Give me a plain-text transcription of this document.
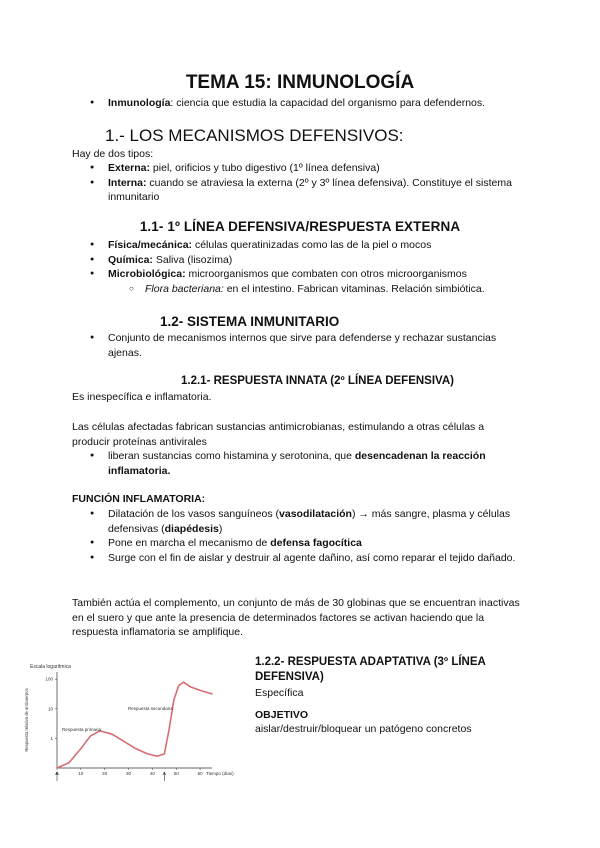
TEMA 15: INMUNOLOGÍA
● Inmunología: ciencia que estudia la capacidad del organismo para defendernos.
1.- LOS MECANISMOS DEFENSIVOS:
Hay de dos tipos:
● Externa: piel, orificios y tubo digestivo (1º línea defensiva)
● Interna: cuando se atraviesa la externa (2º y 3º línea defensiva). Constituye el sistema inmunitario
1.1- 1º LÍNEA DEFENSIVA/RESPUESTA EXTERNA
● Física/mecánica: células queratinizadas como las de la piel o mocos
● Química: Saliva (lisozima)
● Microbiológica: microorganismos que combaten con otros microorganismos
○ Flora bacteriana: en el intestino. Fabrican vitaminas. Relación simbiótica.
1.2- SISTEMA INMUNITARIO
● Conjunto de mecanismos internos que sirve para defenderse y rechazar sustancias ajenas.
1.2.1- RESPUESTA INNATA (2º LÍNEA DEFENSIVA)
Es inespecífica e inflamatoria.
Las células afectadas fabrican sustancias antimicrobianas, estimulando a otras células a producir proteínas antivirales
● liberan sustancias como histamina y serotonina, que desencadenan la reacción inflamatoria.
FUNCIÓN INFLAMATORIA:
● Dilatación de los vasos sanguíneos (vasodilatación) → más sangre, plasma y células defensivas (diapédesis)
● Pone en marcha el mecanismo de defensa fagocítica
● Surge con el fin de aislar y destruir al agente dañino, así como reparar el tejido dañado.
También actúa el complemento, un conjunto de más de 30 globinas que se encuentran inactivas en el suero y que ante la presencia de determinados factores se activan haciendo que la respuesta inflamatoria se amplifique.
Escala logarítmica
Respuesta relativa de anticuerpos
Tiempo (días)
0	10	20	30	40	50	60
100
10
1
Respuesta primaria
Respuesta secundaria
1.2.2- RESPUESTA ADAPTATIVA (3º LÍNEA DEFENSIVA)
Específica
OBJETIVO
aislar/destruir/bloquear un patógeno concretos
